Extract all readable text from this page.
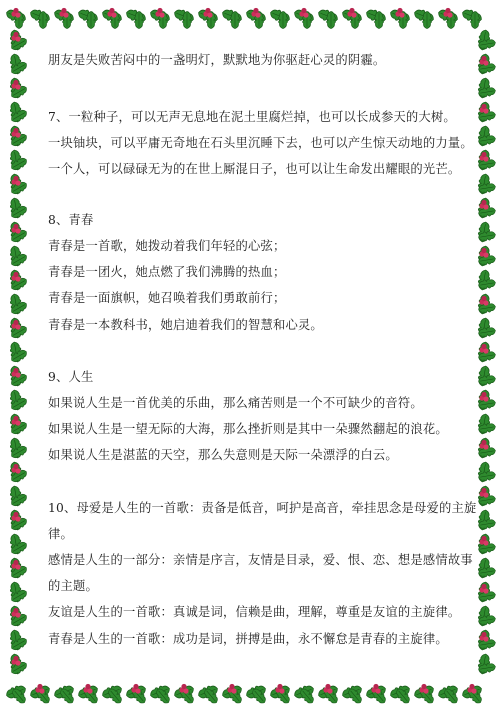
朋友是失败苦闷中的一盏明灯，默默地为你驱赶心灵的阴霾。
7、一粒种子，可以无声无息地在泥土里腐烂掉，也可以长成参天的大树。
一块铀块，可以平庸无奇地在石头里沉睡下去，也可以产生惊天动地的力量。
一个人，可以碌碌无为的在世上厮混日子，也可以让生命发出耀眼的光芒。
8、青春
青春是一首歌，她拨动着我们年轻的心弦；
青春是一团火，她点燃了我们沸腾的热血；
青春是一面旗帜，她召唤着我们勇敢前行；
青春是一本教科书，她启迪着我们的智慧和心灵。
9、人生
如果说人生是一首优美的乐曲，那么痛苦则是一个不可缺少的音符。
如果说人生是一望无际的大海，那么挫折则是其中一朵骤然翻起的浪花。
如果说人生是湛蓝的天空，那么失意则是天际一朵漂浮的白云。
10、母爱是人生的一首歌：责备是低音，呵护是高音，牵挂思念是母爱的主旋
律。
感情是人生的一部分：亲情是序言，友情是目录，爱、恨、恋、想是感情故事
的主题。
友谊是人生的一首歌：真诚是词，信赖是曲，理解，尊重是友谊的主旋律。
青春是人生的一首歌：成功是词，拼搏是曲，永不懈怠是青春的主旋律。
